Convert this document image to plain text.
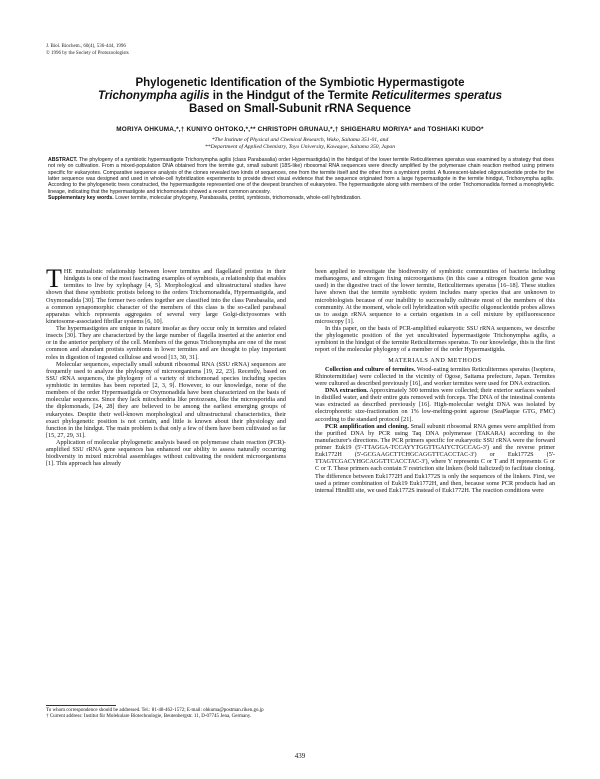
J. Biol. Biochem., 60(4), 536-444, 1996
© 1996 by the Society of Protozoologists
Phylogenetic Identification of the Symbiotic Hypermastigote
Trichonympha agilis in the Hindgut of the Termite Reticulitermes speratus
Based on Small-Subunit rRNA Sequence
MORIYA OHKUMA,*,† KUNIYO OHTOKO,*,** CHRISTOPH GRUNAU,*,† SHIGEHARU MORIYA* and TOSHIAKI KUDO*
*The Institute of Physical and Chemical Research, Wako, Saitama 351-01, and
**Department of Applied Chemistry, Toyo University, Kawagoe, Saitama 350, Japan
ABSTRACT. The phylogeny of a symbiotic hypermastigote Trichonympha agilis (class Parabasalia) order Hypermastigida) in the hindgut of the lower termite Reticulitermes speratus was examined by a strategy that does not rely on cultivation. From a mixed-population DNA obtained from the termite gut, small subunit (18S-like) ribosomal RNA sequences were directly amplified by the polymerase chain reaction method using primers specific for eukaryotes. Comparative sequence analysis of the clones revealed two kinds of sequences, one from the termite itself and the other from a symbiont protist. A fluorescent-labeled oligonucleotide probe for the latter sequence was designed and used in whole-cell hybridization experiments to provide direct visual evidence that the sequence originated from a large hypermastigote in the termite hindgut, Trichonympha agilis. According to the phylogenetic trees constructed, the hypermastigote represented one of the deepest branches of eukaryotes. The hypermastigote along with members of the order Trichomonadida formed a monophyletic lineage, indicating that the hypermastigote and trichomonads showed a recent common ancestry.
Supplementary key words. Lower termite, molecular phylogeny, Parabasalia, protist, symbiosis, trichomonads, whole-cell hybridization.

THE mutualistic relationship between lower termites and flagellated protists in their hindguts is one of the most fascinating examples of symbiosis, a relationship that enables termites to live by xylophagy [4, 5]. Morphological and ultrastructural studies have shown that these symbiotic protists belong to the orders Trichomonadida, Hypermastigida, and Oxymonadida [30]. The former two orders together are classified into the class Parabasalia, and a common synapomorphic character of the members of this class is the so-called parabasal apparatus which represents aggregates of several very large Golgi-dictyosomes with kinetosome-associated fibrillar systems [6, 10].

The hypermastigotes are unique in nature insofar as they occur only in termites and related insects [30]. They are characterized by the large number of flagella inserted at the anterior end or in the anterior periphery of the cell. Members of the genus Trichonympha are one of the most common and abundant protists symbionts in lower termites and are thought to play important roles in digestion of ingested cellulose and wood [13, 30, 31].

Molecular sequences, especially small subunit ribosomal RNA (SSU rRNA) sequences are frequently used to analyze the phylogeny of microorganisms [19, 22, 23]. Recently, based on SSU rRNA sequences, the phylogeny of a variety of trichomonad species including species symbiotic in termites has been reported [2, 3, 9]. However, to our knowledge, none of the members of the order Hypermastigida or Oxymonadida have been characterized on the basis of molecular sequences. Since they lack mitochondria like protozoans, like the microsporidia and the diplomonads, [24, 28] they are believed to be among the earliest emerging groups of eukaryotes. Despite their well-known morphological and ultrastructural characteristics, their exact phylogenetic position is not certain, and little is known about their physiology and function in the hindgut. The main problem is that only a few of them have been cultivated so far [15, 27, 29, 31].

Application of molecular phylogenetic analysis based on polymerase chain reaction (PCR)-amplified SSU rRNA gene sequences has enhanced our ability to assess naturally occurring biodiversity in mixed microbial assemblages without cultivating the resident microorganisms [1]. This approach has already

To whom correspondence should be addressed. Tel.: 81-48-462-1572; E-mail: ohkuma@postman.riken.go.jp

† Current address: Institut für Molekulare Biotechnologie, Beutenbergstr. 11, D-07745 Jena, Germany.

been applied to investigate the biodiversity of symbiotic communities of bacteria including methanogens, and nitrogen fixing microorganisms (in this case a nitrogen fixation gene was used) in the digestive tract of the lower termite, Reticulitermes speratus [16–18]. These studies have shown that the termite symbiotic system includes many species that are unknown to microbiologists because of our inability to successfully cultivate most of the members of this community. At the moment, whole cell hybridization with specific oligonucleotide probes allows us to assign rRNA sequence to a certain organism in a cell mixture by epifluorescence microscopy [1].

In this paper, on the basis of PCR-amplified eukaryotic SSU rRNA sequences, we describe the phylogenetic position of the yet uncultivated hypermastigote Trichonympha agilis, a symbiont in the hindgut of the termite Reticulitermes speratus. To our knowledge, this is the first report of the molecular phylogeny of a member of the order Hypermastigida.

MATERIALS AND METHODS

Collection and culture of termites. Wood-eating termites Reticulitermes speratus (Isoptera, Rhinotermitidae) were collected in the vicinity of Ogose, Saitama prefecture, Japan. Termites were cultured as described previously [16], and worker termites were used for DNA extraction.

DNA extraction. Approximately 300 termites were collected; their exterior surfaces washed in distilled water, and their entire guts removed with forceps. The DNA of the intestinal contents was extracted as described previously [16]. High-molecular weight DNA was isolated by electrophoretic size-fractionation on 1% low-melting-point agarose (SeaPlaque GTG, FMC) according to the standard protocol [21].

PCR amplification and cloning. Small subunit ribosomal RNA genes were amplified from the purified DNA by PCR using Taq DNA polymerase (TAKARA) according to the manufacturer's directions. The PCR primers specific for eukaryotic SSU rRNA were the forward primer Euk19 (5'-TTAGGA-TCCAYYTGGTTGAIYCTGCCAG-3') and the reverse primer Euk1772H (5'-GCGAAGCTTCHGCAGGTTCACCTAC-3') or Euk1772S (5'-TTAGTCGACYHGCAGGTTCACCTAC-3'), where Y represents C or T and H represents G or C or T. These primers each contain 5' restriction site linkers (bold italicized) to facilitate cloning. The difference between Euk1772H and Euk1772S is only the sequences of the linkers. First, we used a primer combination of Euk19 Euk1772H, and then, because some PCR products had an internal HindIII site, we used Euk1772S instead of Euk1772H. The reaction conditions were

439
